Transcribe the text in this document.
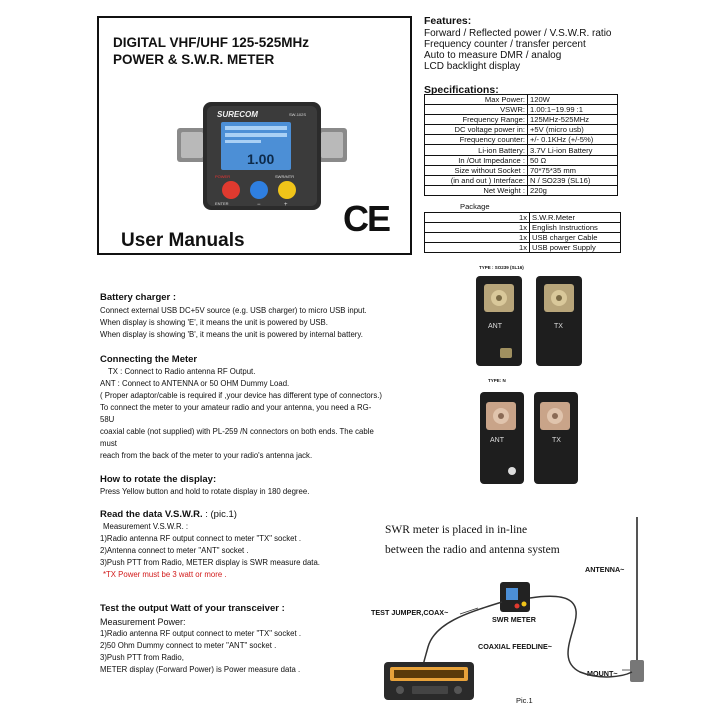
DIGITAL VHF/UHF 125-525MHz
POWER & S.W.R. METER
SURECOM	SW-102S
1.00
POWER	SWR/MTR
ENTER	−	+ CE
User Manuals
Features:
Forward / Reflected power / V.S.W.R. ratio
Frequency counter / transfer percent
Auto to measure DMR / analog
LCD backlight display
Specifications:
Max Power:	120W
VSWR:	1.00:1~19.99 :1
Frequency Range:	125MHz-525MHz
DC voltage power in:	+5V (micro usb)
Frequency counter:	+/- 0.1KHz (+/-5%)
Li-ion Battery:	3.7V Li-ion Battery
In /Out Impedance :	50 Ω
Size without Socket :	70*75*35 mm
(in and out ) Interface:	N / SO239 (SL16)
Net Weight :	220g
Package
1x	S.W.R.Meter
1x	English Instructions
1x	USB charger Cable
1x	USB power Supply
Battery charger :
Connect external USB DC+5V source (e.g. USB charger) to micro USB input.
When display is showing 'E', it means the unit is powered by USB.
When display is showing 'B', it means the unit is powered by internal battery.
Connecting the Meter
TX : Connect to Radio antenna RF Output.
ANT : Connect to ANTENNA or 50 OHM Dummy Load.
( Proper adaptor/cable is required if ,your device has different type of connectors.)
To connect the meter to your amateur radio and your antenna, you need a RG-
58U
coaxial cable (not supplied) with PL-259 /N connectors on both ends. The cable
must
reach from the back of the meter to your radio's antenna jack.
How to rotate the display:
Press Yellow button and hold to rotate display in 180 degree.
Read the data V.S.W.R. : (pic.1)
Measurement V.S.W.R. :
1)Radio antenna RF output connect to meter "TX" socket .
2)Antenna connect to meter "ANT" socket .
3)Push PTT from Radio, METER display is SWR measure data.
*TX Power must be 3 watt or more .
Test the output Watt of your transceiver :
Measurement Power:
1)Radio antenna RF output connect to meter "TX" socket .
2)50 Ohm Dummy connect to meter "ANT" socket .
3)Push PTT from Radio,
METER display (Forward Power) is Power measure data .
TYPE : SO239 (SL16)
ANT	TX
TYPE: N
ANT	TX
SWR meter is placed in in-line
between the radio and antenna system
ANTENNA~
TEST JUMPER,COAX~
SWR METER
COAXIAL FEEDLINE~
MOUNT~
Pic.1
